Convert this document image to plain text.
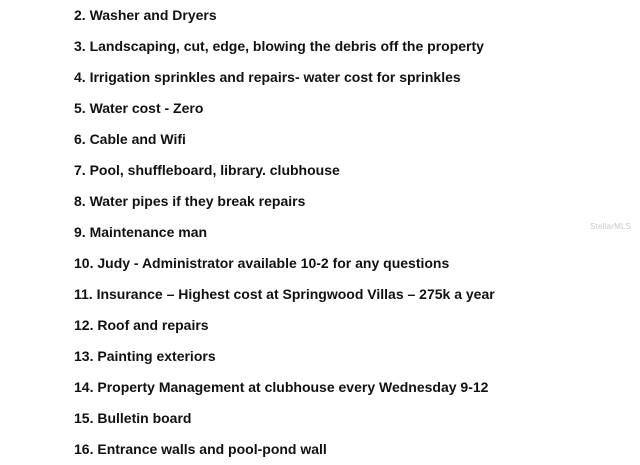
2. Washer and Dryers
3. Landscaping, cut, edge, blowing the debris off the property
4. Irrigation sprinkles and repairs- water cost for sprinkles
5. Water cost - Zero
6. Cable and Wifi
7. Pool, shuffleboard, library. clubhouse
8. Water pipes if they break repairs
9. Maintenance man
10. Judy - Administrator available 10-2 for any questions
11. Insurance – Highest cost at Springwood Villas – 275k a year
12. Roof and repairs
13. Painting exteriors
14. Property Management at clubhouse every Wednesday 9-12
15. Bulletin board
16. Entrance walls and pool-pond wall
StellarMLS
